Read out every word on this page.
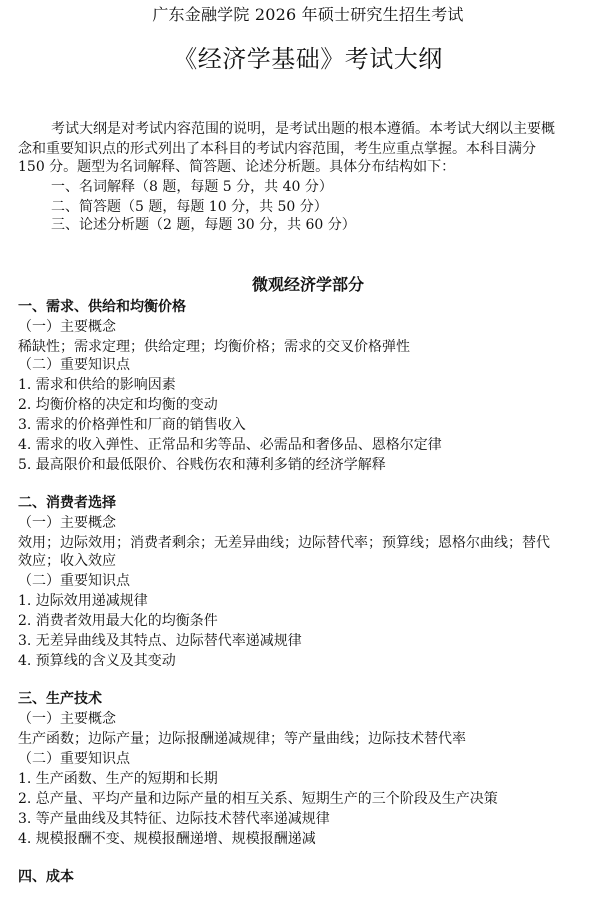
广东金融学院 2026 年硕士研究生招生考试
《经济学基础》考试大纲
考试大纲是对考试内容范围的说明，是考试出题的根本遵循。本考试大纲以主要概
念和重要知识点的形式列出了本科目的考试内容范围，考生应重点掌握。本科目满分
150 分。题型为名词解释、简答题、论述分析题。具体分布结构如下：
一、名词解释（8 题，每题 5 分，共 40 分）
二、简答题（5 题，每题 10 分，共 50 分）
三、论述分析题（2 题，每题 30 分，共 60 分）
微观经济学部分
一、需求、供给和均衡价格
（一）主要概念
稀缺性；需求定理；供给定理；均衡价格；需求的交叉价格弹性
（二）重要知识点
1. 需求和供给的影响因素
2. 均衡价格的决定和均衡的变动
3. 需求的价格弹性和厂商的销售收入
4. 需求的收入弹性、正常品和劣等品、必需品和奢侈品、恩格尔定律
5. 最高限价和最低限价、谷贱伤农和薄利多销的经济学解释
二、消费者选择
（一）主要概念
效用；边际效用；消费者剩余；无差异曲线；边际替代率；预算线；恩格尔曲线；替代
效应；收入效应
（二）重要知识点
1. 边际效用递减规律
2. 消费者效用最大化的均衡条件
3. 无差异曲线及其特点、边际替代率递减规律
4. 预算线的含义及其变动
三、生产技术
（一）主要概念
生产函数；边际产量；边际报酬递减规律；等产量曲线；边际技术替代率
（二）重要知识点
1. 生产函数、生产的短期和长期
2. 总产量、平均产量和边际产量的相互关系、短期生产的三个阶段及生产决策
3. 等产量曲线及其特征、边际技术替代率递减规律
4. 规模报酬不变、规模报酬递增、规模报酬递减
四、成本
